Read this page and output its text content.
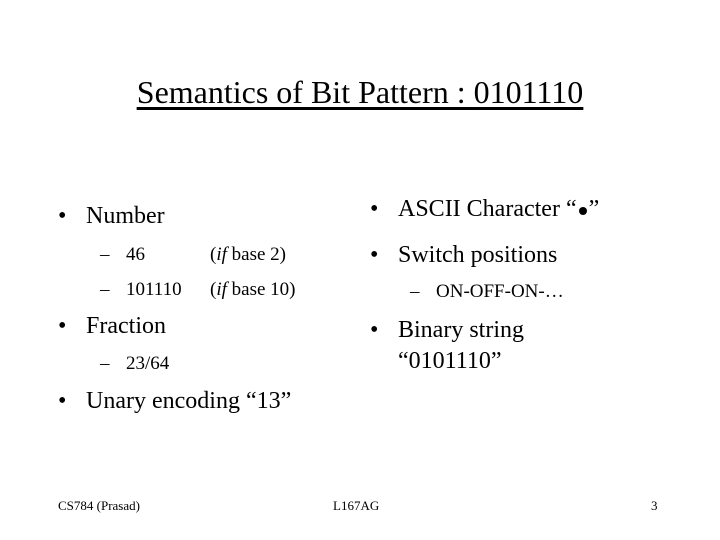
Semantics of Bit Pattern : 0101110
• Number
– 46	(if base 2)
– 101110 (if base 10)
• Fraction
– 23/64
• Unary encoding “13”
• ASCII Character “ ”
• Switch positions
– ON-OFF-ON-…
• Binary string
“0101110”
CS784 (Prasad)	L167AG	3
